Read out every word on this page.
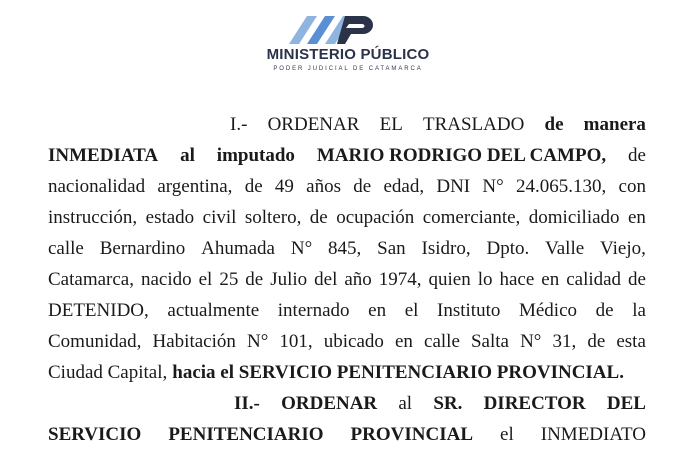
MINISTERIO PÚBLICO
PODER JUDICIAL DE CATAMARCA
I.- ORDENAR EL TRASLADO de manera
INMEDIATA al imputado MARIO RODRIGO DEL CAMPO, de
nacionalidad argentina, de 49 años de edad, DNI N° 24.065.130, con
instrucción, estado civil soltero, de ocupación comerciante, domiciliado en
calle Bernardino Ahumada N° 845, San Isidro, Dpto. Valle Viejo,
Catamarca, nacido el 25 de Julio del año 1974, quien lo hace en calidad de
DETENIDO, actualmente internado en el Instituto Médico de la
Comunidad, Habitación N° 101, ubicado en calle Salta N° 31, de esta
Ciudad Capital, hacia el SERVICIO PENITENCIARIO PROVINCIAL.
II.- ORDENAR al SR. DIRECTOR DEL
SERVICIO PENITENCIARIO PROVINCIAL el INMEDIATO
